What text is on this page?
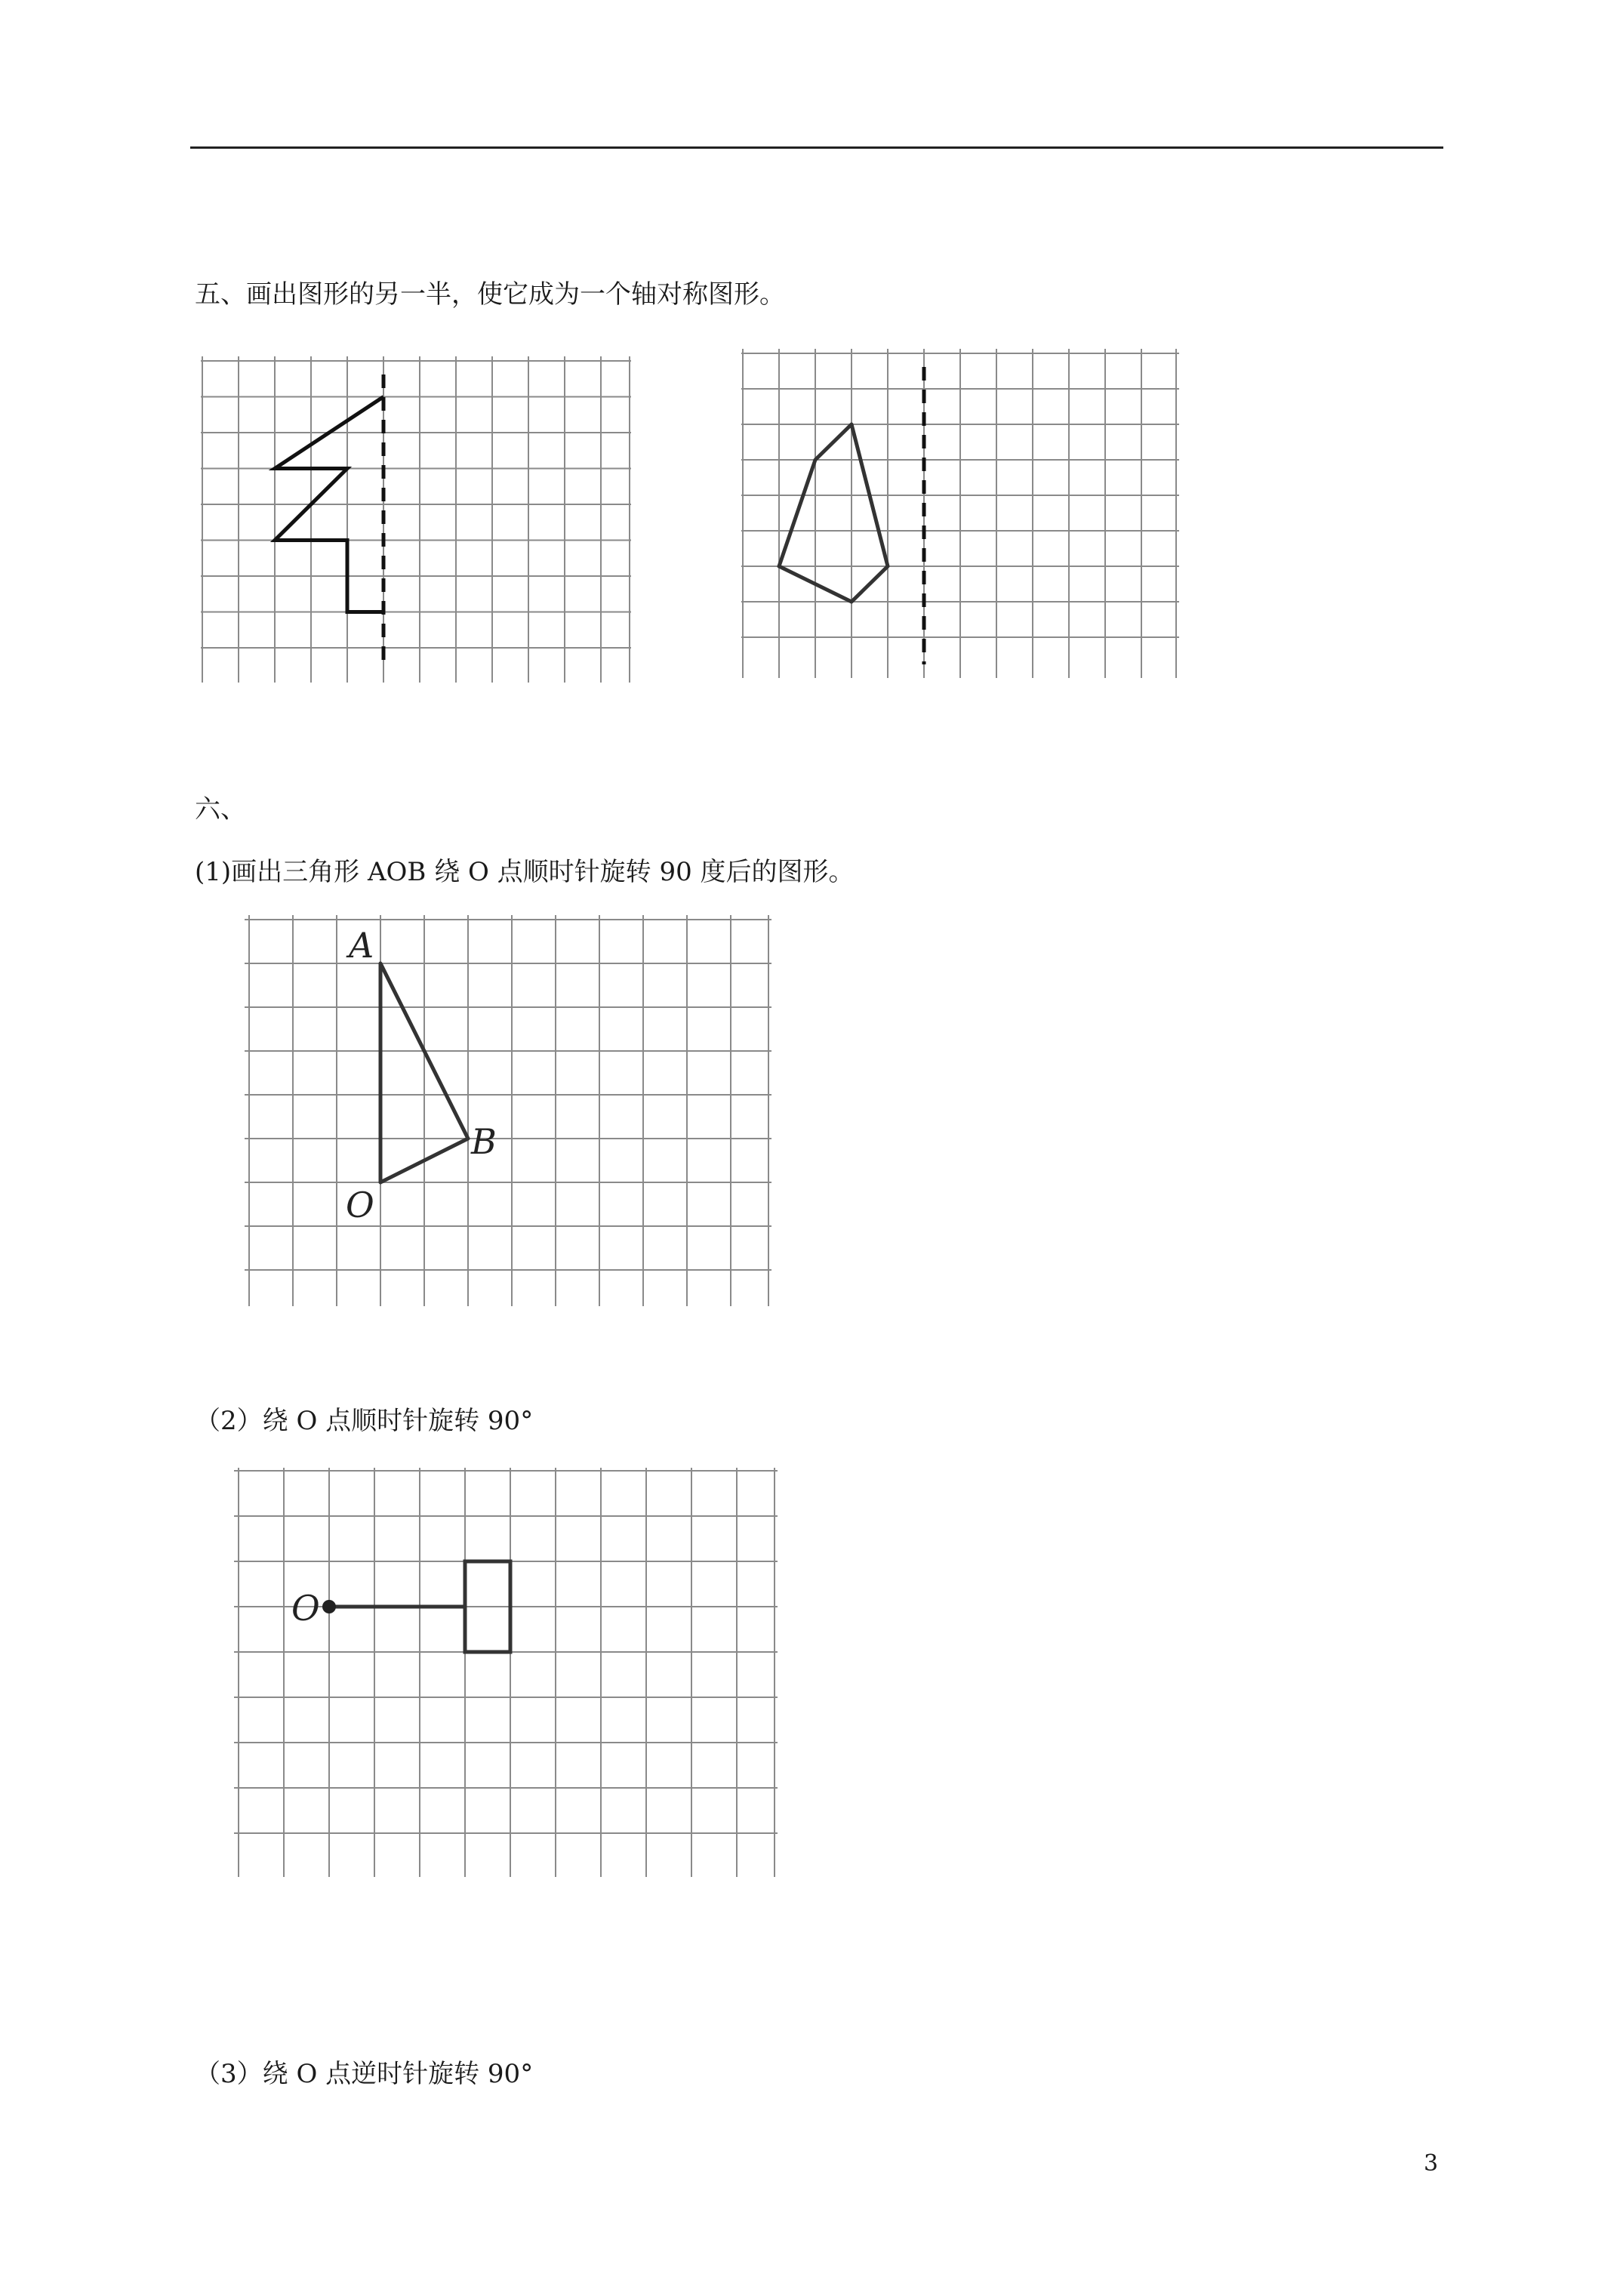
五、画出图形的另一半，使它成为一个轴对称图形。
六、
(1)画出三角形 AOB 绕 O 点顺时针旋转 90 度后的图形。
A
B
O
（2）绕 O 点顺时针旋转 90°
O
（3）绕 O 点逆时针旋转 90°
3
